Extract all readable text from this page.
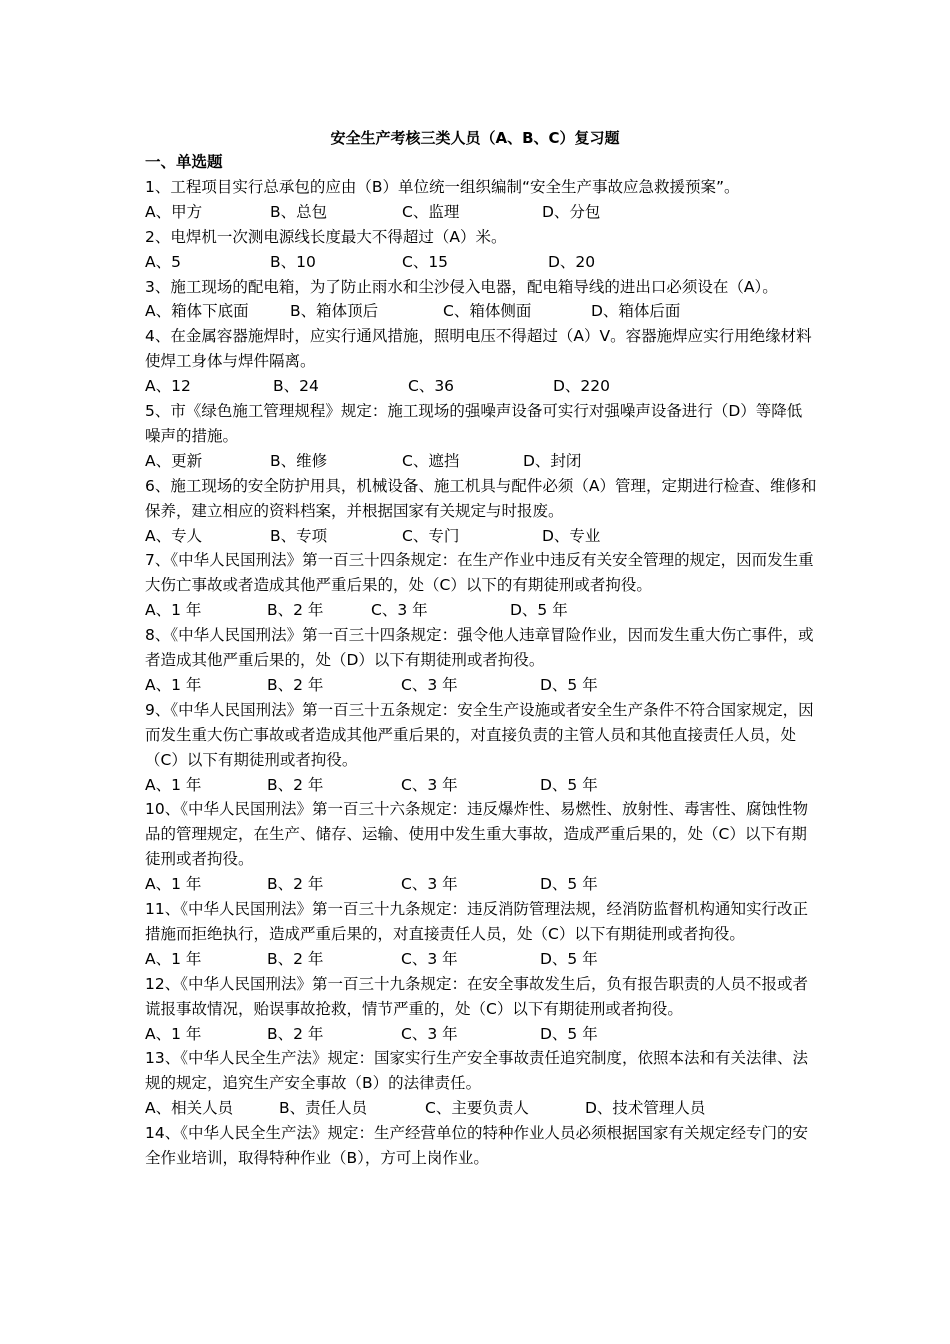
安全生产考核三类人员（A、B、C）复习题

一、单选题

1、工程项目实行总承包的应由（B）单位统一组织编制“安全生产事故应急救援预案”。

A、甲方	B、总包	C、监理	D、分包

2、电焊机一次测电源线长度最大不得超过（A）米。

A、5	B、10	C、15	D、20

3、施工现场的配电箱，为了防止雨水和尘沙侵入电器，配电箱导线的进出口必须设在（A）。

A、箱体下底面	B、箱体顶后	C、箱体侧面	D、箱体后面

4、在金属容器施焊时，应实行通风措施，照明电压不得超过（A）V。容器施焊应实行用绝缘材料使焊工身体与焊件隔离。

A、12	B、24	C、36	D、220

5、市《绿色施工管理规程》规定：施工现场的强噪声设备可实行对强噪声设备进行（D）等降低噪声的措施。

A、更新	B、维修	C、遮挡	D、封闭

6、施工现场的安全防护用具，机械设备、施工机具与配件必须（A）管理，定期进行检查、维修和保养，建立相应的资料档案，并根据国家有关规定与时报废。

A、专人	B、专项	C、专门	D、专业

7、《中华人民国刑法》第一百三十四条规定：在生产作业中违反有关安全管理的规定，因而发生重大伤亡事故或者造成其他严重后果的，处（C）以下的有期徒刑或者拘役。

A、1 年	B、2 年	C、3 年	D、5 年

8、《中华人民国刑法》第一百三十四条规定：强令他人违章冒险作业，因而发生重大伤亡事件，或者造成其他严重后果的，处（D）以下有期徒刑或者拘役。

A、1 年	B、2 年	C、3 年	D、5 年

9、《中华人民国刑法》第一百三十五条规定：安全生产设施或者安全生产条件不符合国家规定，因而发生重大伤亡事故或者造成其他严重后果的，对直接负责的主管人员和其他直接责任人员，处（C）以下有期徒刑或者拘役。

A、1 年	B、2 年	C、3 年	D、5 年

10、《中华人民国刑法》第一百三十六条规定：违反爆炸性、易燃性、放射性、毒害性、腐蚀性物品的管理规定，在生产、储存、运输、使用中发生重大事故，造成严重后果的，处（C）以下有期徒刑或者拘役。

A、1 年	B、2 年	C、3 年	D、5 年

11、《中华人民国刑法》第一百三十九条规定：违反消防管理法规，经消防监督机构通知实行改正措施而拒绝执行，造成严重后果的，对直接责任人员，处（C）以下有期徒刑或者拘役。

A、1 年	B、2 年	C、3 年	D、5 年

12、《中华人民国刑法》第一百三十九条规定：在安全事故发生后，负有报告职责的人员不报或者谎报事故情况，贻误事故抢救，情节严重的，处（C）以下有期徒刑或者拘役。

A、1 年	B、2 年	C、3 年	D、5 年

13、《中华人民全生产法》规定：国家实行生产安全事故责任追究制度，依照本法和有关法律、法规的规定，追究生产安全事故（B）的法律责任。

A、相关人员	B、责任人员	C、主要负责人	D、技术管理人员

14、《中华人民全生产法》规定：生产经营单位的特种作业人员必须根据国家有关规定经专门的安全作业培训，取得特种作业（B），方可上岗作业。
